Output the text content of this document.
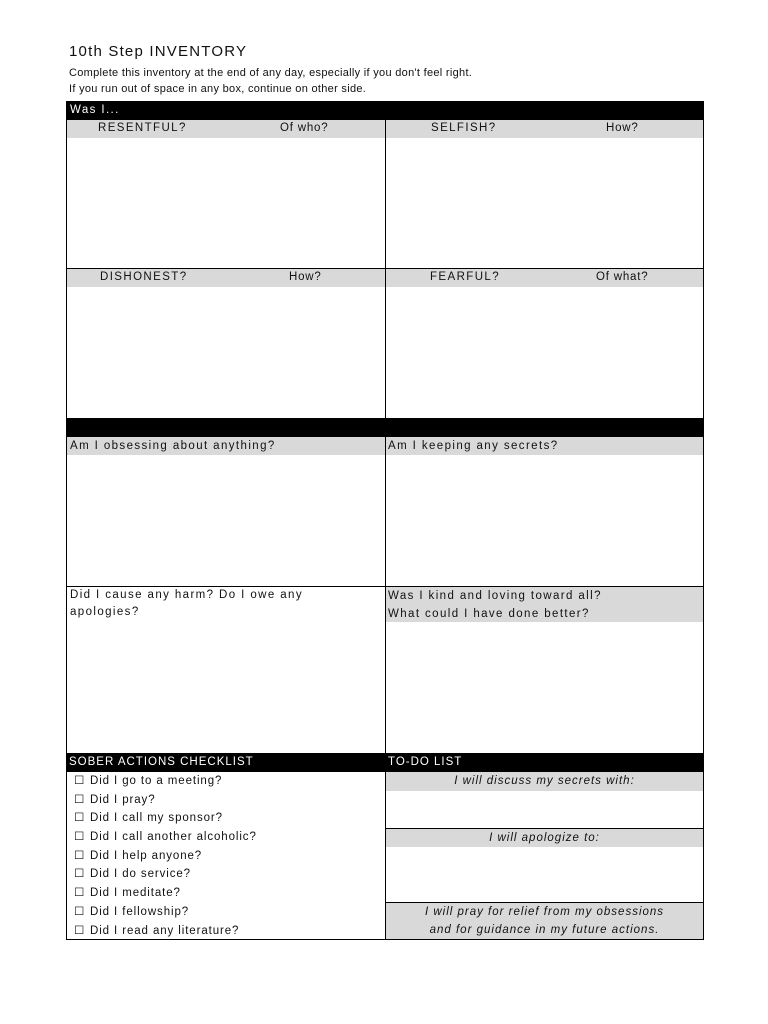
10th Step INVENTORY
Complete this inventory at the end of any day, especially if you don't feel right.
If you run out of space in any box, continue on other side.
Was I...
RESENTFUL?	Of who?	SELFISH?	How?
DISHONEST?	How?	FEARFUL?	Of what?
Am I obsessing about anything?	Am I keeping any secrets?
Did I cause any harm? Do I owe any
apologies?
Was I kind and loving toward all?
What could I have done better?
SOBER ACTIONS CHECKLIST	TO-DO LIST
☐ Did I go to a meeting?
☐ Did I pray?
☐ Did I call my sponsor?
☐ Did I call another alcoholic?
☐ Did I help anyone?
☐ Did I do service?
☐ Did I meditate?
☐ Did I fellowship?
☐ Did I read any literature?
I will discuss my secrets with:
I will apologize to:
I will pray for relief from my obsessions
and for guidance in my future actions.
